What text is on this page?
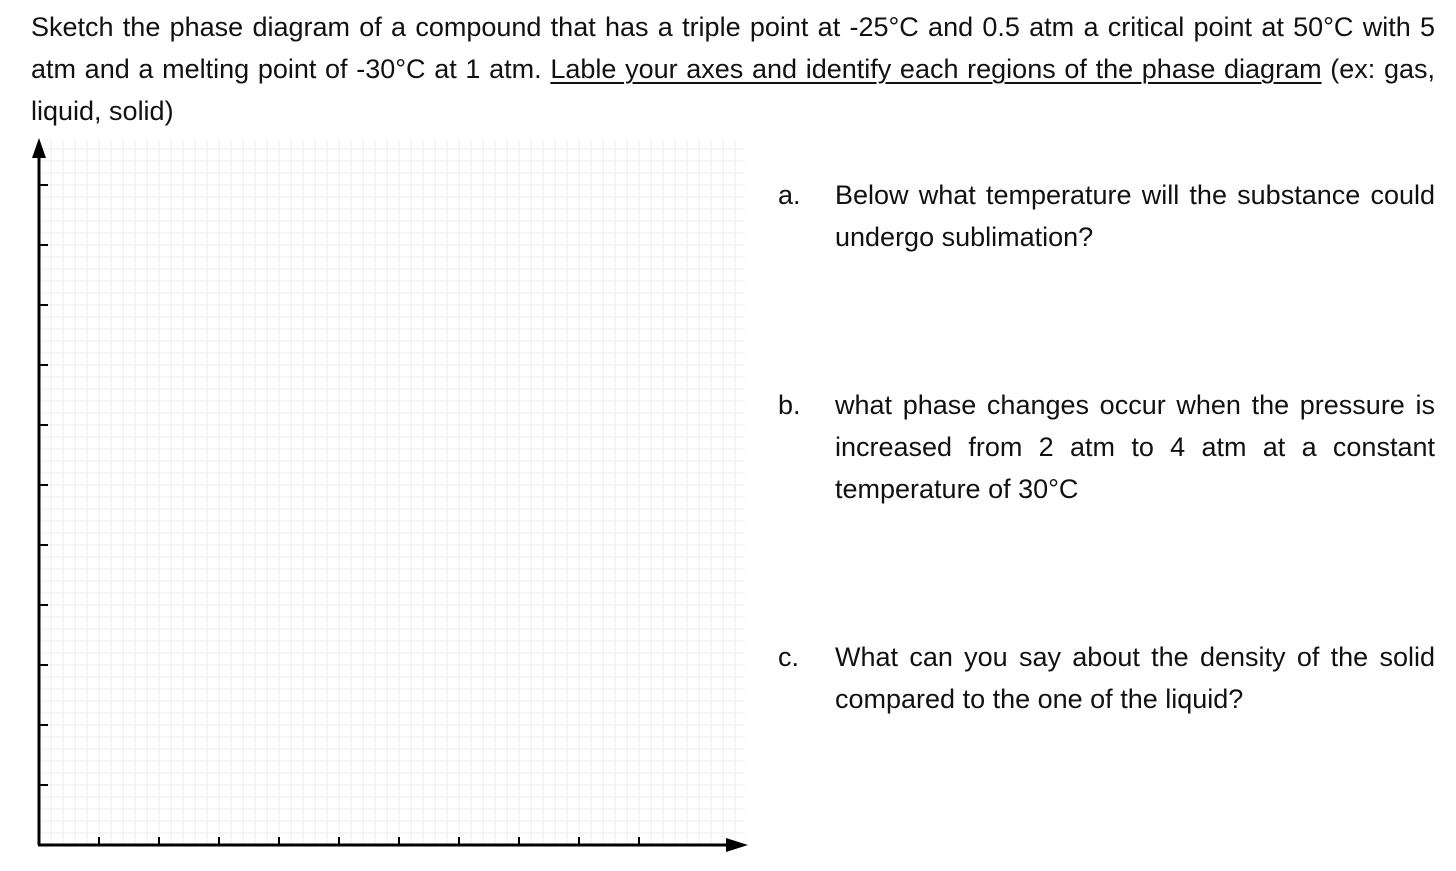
Sketch the phase diagram of a compound that has a triple point at -25°C and 0.5 atm a critical point at 50°C with 5 atm and a melting point of -30°C at 1 atm. Lable your axes and identify each regions of the phase diagram (ex: gas, liquid, solid)

a.	Below what temperature will the substance could undergo sublimation?
b.	what phase changes occur when the pressure is increased from 2 atm to 4 atm at a constant temperature of 30°C
c.	What can you say about the density of the solid compared to the one of the liquid?
